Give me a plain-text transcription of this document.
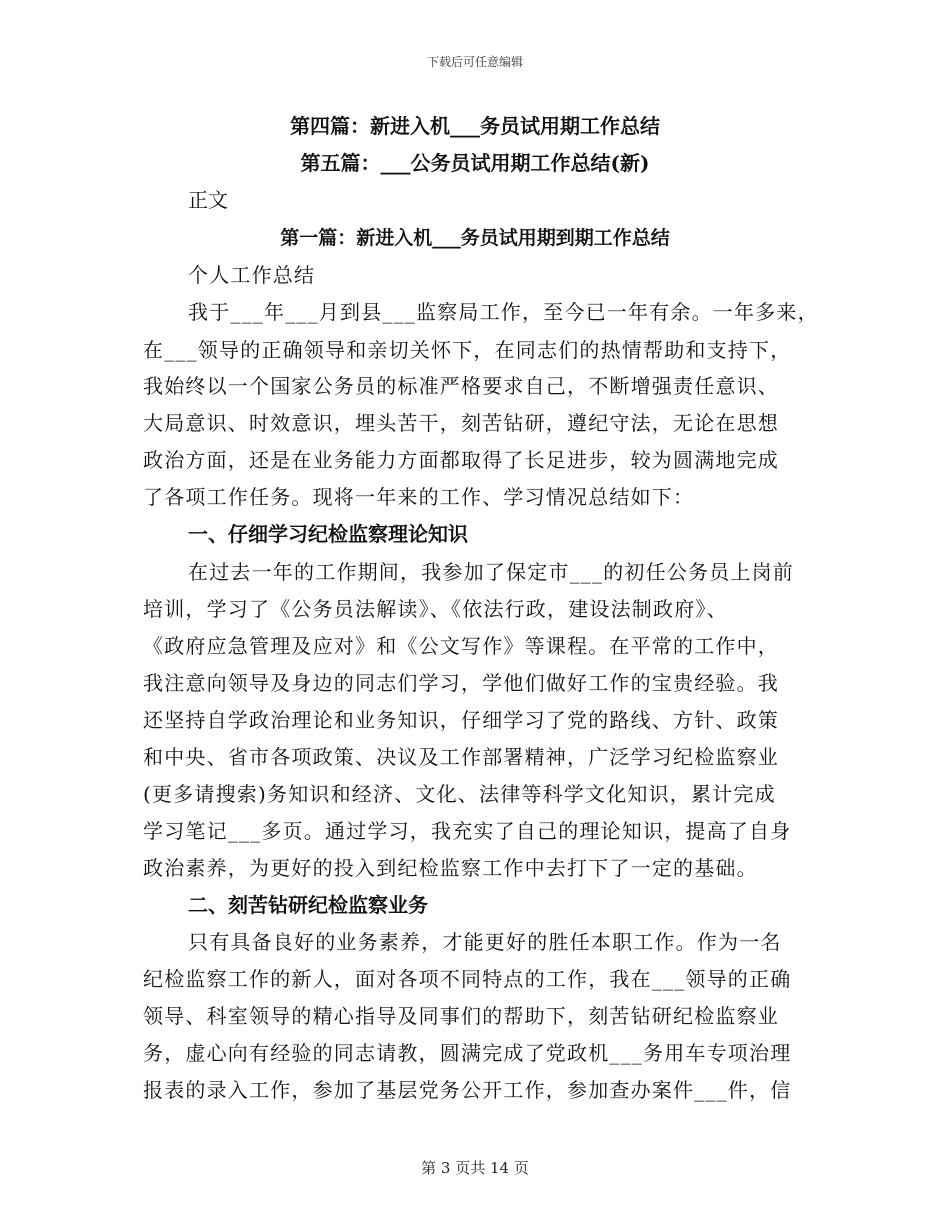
下载后可任意编辑
第四篇：新进入机___务员试用期工作总结
第五篇：___公务员试用期工作总结(新)
正文
第一篇：新进入机___务员试用期到期工作总结
个人工作总结
我于___年___月到县___监察局工作，至今已一年有余。一年多来，
在___领导的正确领导和亲切关怀下，在同志们的热情帮助和支持下，
我始终以一个国家公务员的标准严格要求自己，不断增强责任意识、
大局意识、时效意识，埋头苦干，刻苦钻研，遵纪守法，无论在思想
政治方面，还是在业务能力方面都取得了长足进步，较为圆满地完成
了各项工作任务。现将一年来的工作、学习情况总结如下：
一、仔细学习纪检监察理论知识
在过去一年的工作期间，我参加了保定市___的初任公务员上岗前
培训，学习了《公务员法解读》、《依法行政，建设法制政府》、
《政府应急管理及应对》和《公文写作》等课程。在平常的工作中，
我注意向领导及身边的同志们学习，学他们做好工作的宝贵经验。我
还坚持自学政治理论和业务知识，仔细学习了党的路线、方针、政策
和中央、省市各项政策、决议及工作部署精神，广泛学习纪检监察业
(更多请搜索)务知识和经济、文化、法律等科学文化知识，累计完成
学习笔记___多页。通过学习，我充实了自己的理论知识，提高了自身
政治素养，为更好的投入到纪检监察工作中去打下了一定的基础。
二、刻苦钻研纪检监察业务
只有具备良好的业务素养，才能更好的胜任本职工作。作为一名
纪检监察工作的新人，面对各项不同特点的工作，我在___领导的正确
领导、科室领导的精心指导及同事们的帮助下，刻苦钻研纪检监察业
务，虚心向有经验的同志请教，圆满完成了党政机___务用车专项治理
报表的录入工作，参加了基层党务公开工作，参加查办案件___件，信
第 3 页共 14 页
